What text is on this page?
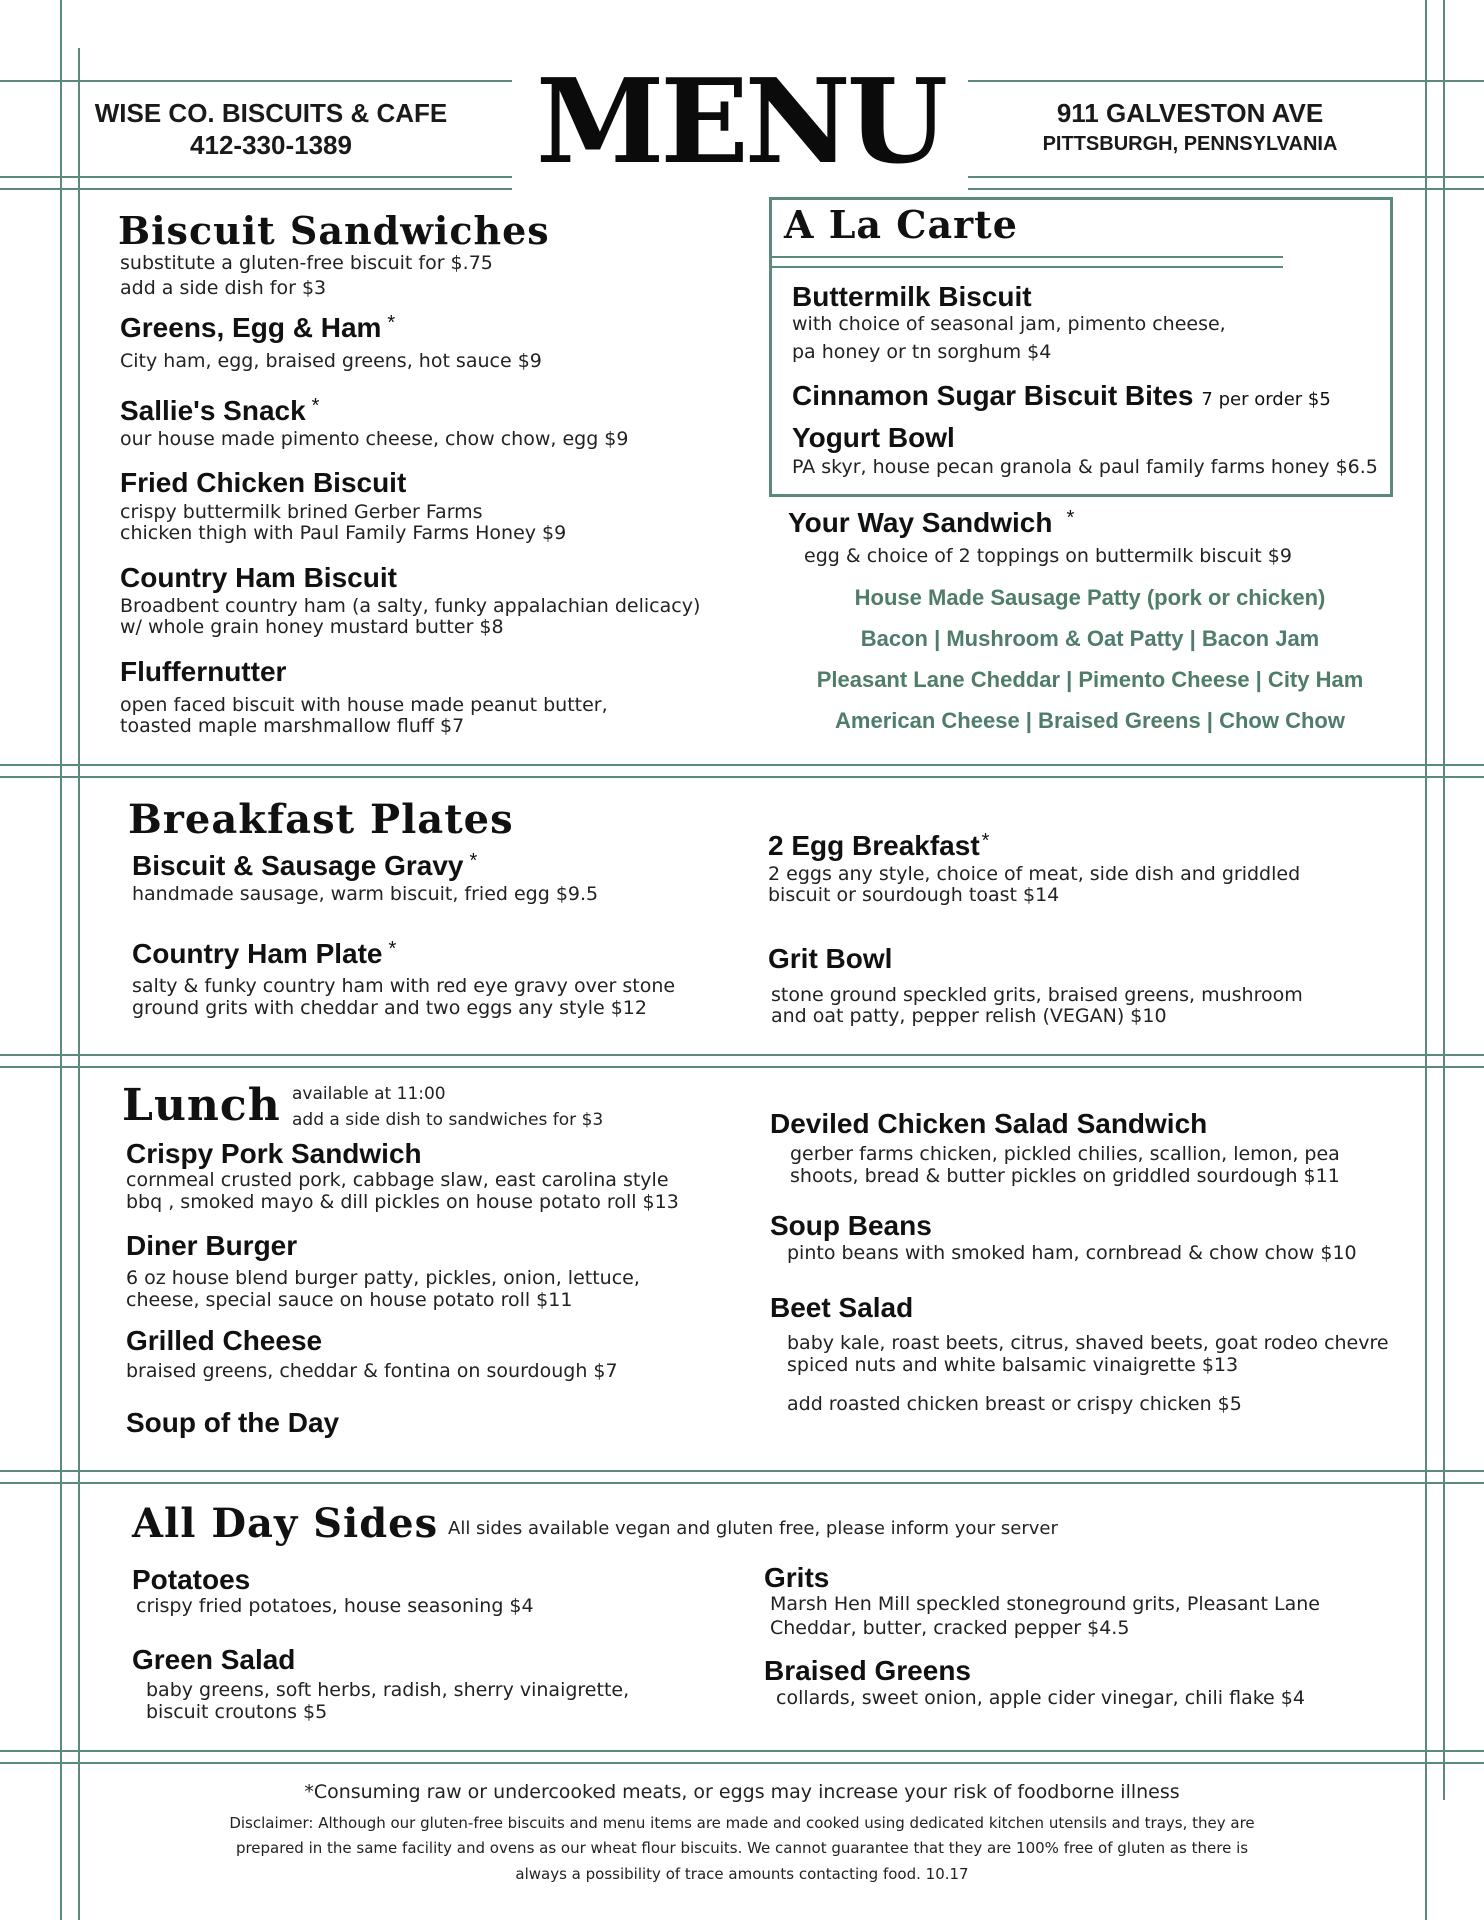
WISE CO. BISCUITS & CAFE
412-330-1389	MENU	911 GALVESTON AVE
PITTSBURGH, PENNSYLVANIA
Biscuit Sandwiches
substitute a gluten-free biscuit for $.75
add a side dish for $3
Greens, Egg & Ham *
City ham, egg, braised greens, hot sauce $9
Sallie's Snack *
our house made pimento cheese, chow chow, egg $9
Fried Chicken Biscuit
crispy buttermilk brined Gerber Farms
chicken thigh with Paul Family Farms Honey $9
Country Ham Biscuit
Broadbent country ham (a salty, funky appalachian delicacy)
w/ whole grain honey mustard butter $8
Fluffernutter
open faced biscuit with house made peanut butter,
toasted maple marshmallow fluff $7
A La Carte
Buttermilk Biscuit
with choice of seasonal jam, pimento cheese,
pa honey or tn sorghum $4
Cinnamon Sugar Biscuit Bites 7 per order $5
Yogurt Bowl
PA skyr, house pecan granola & paul family farms honey $6.5
Your Way Sandwich *
egg & choice of 2 toppings on buttermilk biscuit $9
House Made Sausage Patty (pork or chicken)
Bacon | Mushroom & Oat Patty | Bacon Jam
Pleasant Lane Cheddar | Pimento Cheese | City Ham
American Cheese | Braised Greens | Chow Chow
Breakfast Plates
Biscuit & Sausage Gravy *
handmade sausage, warm biscuit, fried egg $9.5
Country Ham Plate *
salty & funky country ham with red eye gravy over stone
ground grits with cheddar and two eggs any style $12
2 Egg Breakfast *
2 eggs any style, choice of meat, side dish and griddled
biscuit or sourdough toast $14
Grit Bowl
stone ground speckled grits, braised greens, mushroom
and oat patty, pepper relish (VEGAN) $10
Lunch available at 11:00
add a side dish to sandwiches for $3
Crispy Pork Sandwich
cornmeal crusted pork, cabbage slaw, east carolina style
bbq , smoked mayo & dill pickles on house potato roll $13
Diner Burger
6 oz house blend burger patty, pickles, onion, lettuce,
cheese, special sauce on house potato roll $11
Grilled Cheese
braised greens, cheddar & fontina on sourdough $7
Soup of the Day
Deviled Chicken Salad Sandwich
gerber farms chicken, pickled chilies, scallion, lemon, pea
shoots, bread & butter pickles on griddled sourdough $11
Soup Beans
pinto beans with smoked ham, cornbread & chow chow $10
Beet Salad
baby kale, roast beets, citrus, shaved beets, goat rodeo chevre
spiced nuts and white balsamic vinaigrette $13
add roasted chicken breast or crispy chicken $5
All Day Sides All sides available vegan and gluten free, please inform your server
Potatoes
crispy fried potatoes, house seasoning $4
Green Salad
baby greens, soft herbs, radish, sherry vinaigrette,
biscuit croutons $5
Grits
Marsh Hen Mill speckled stoneground grits, Pleasant Lane
Cheddar, butter, cracked pepper $4.5
Braised Greens
collards, sweet onion, apple cider vinegar, chili flake $4
*Consuming raw or undercooked meats, or eggs may increase your risk of foodborne illness
Disclaimer: Although our gluten-free biscuits and menu items are made and cooked using dedicated kitchen utensils and trays, they are
prepared in the same facility and ovens as our wheat flour biscuits. We cannot guarantee that they are 100% free of gluten as there is
always a possibility of trace amounts contacting food. 10.17
